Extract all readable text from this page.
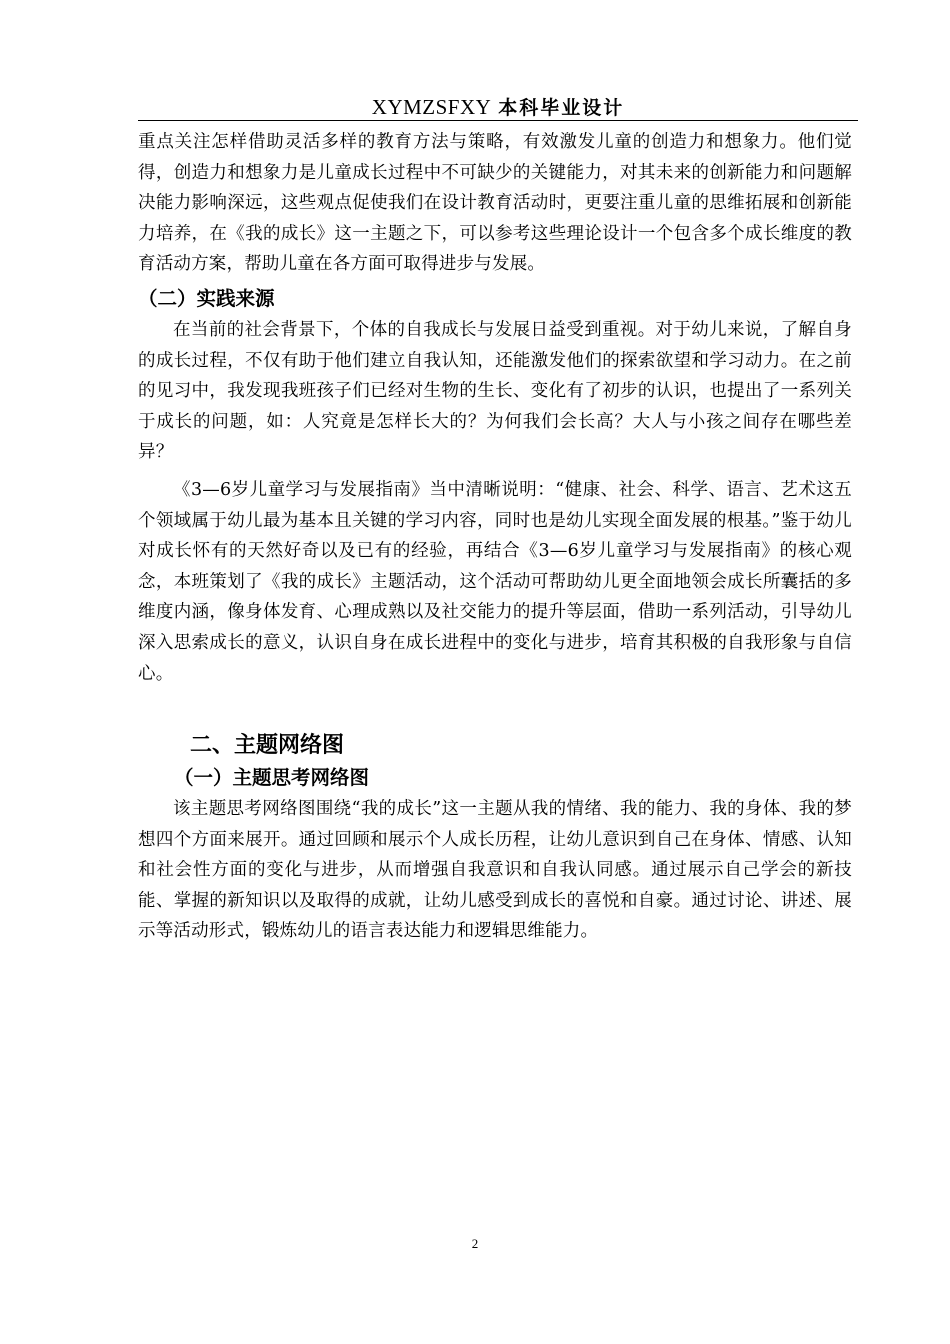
XYMZSFXY 本科毕业设计

重点关注怎样借助灵活多样的教育方法与策略，有效激发儿童的创造力和想象力。他们觉得，创造力和想象力是儿童成长过程中不可缺少的关键能力，对其未来的创新能力和问题解决能力影响深远，这些观点促使我们在设计教育活动时，更要注重儿童的思维拓展和创新能力培养，在《我的成长》这一主题之下，可以参考这些理论设计一个包含多个成长维度的教育活动方案，帮助儿童在各方面可取得进步与发展。

（二）实践来源

在当前的社会背景下，个体的自我成长与发展日益受到重视。对于幼儿来说，了解自身的成长过程，不仅有助于他们建立自我认知，还能激发他们的探索欲望和学习动力。在之前的见习中，我发现我班孩子们已经对生物的生长、变化有了初步的认识，也提出了一系列关于成长的问题，如：人究竟是怎样长大的？为何我们会长高？大人与小孩之间存在哪些差异？

《3—6岁儿童学习与发展指南》当中清晰说明：“健康、社会、科学、语言、艺术这五个领域属于幼儿最为基本且关键的学习内容，同时也是幼儿实现全面发展的根基。”鉴于幼儿对成长怀有的天然好奇以及已有的经验，再结合《3—6岁儿童学习与发展指南》的核心观念，本班策划了《我的成长》主题活动，这个活动可帮助幼儿更全面地领会成长所囊括的多维度内涵，像身体发育、心理成熟以及社交能力的提升等层面，借助一系列活动，引导幼儿深入思索成长的意义，认识自身在成长进程中的变化与进步，培育其积极的自我形象与自信心。

二、主题网络图
（一）主题思考网络图

该主题思考网络图围绕“我的成长”这一主题从我的情绪、我的能力、我的身体、我的梦想四个方面来展开。通过回顾和展示个人成长历程，让幼儿意识到自己在身体、情感、认知和社会性方面的变化与进步，从而增强自我意识和自我认同感。通过展示自己学会的新技能、掌握的新知识以及取得的成就，让幼儿感受到成长的喜悦和自豪。通过讨论、讲述、展示等活动形式，锻炼幼儿的语言表达能力和逻辑思维能力。

2
